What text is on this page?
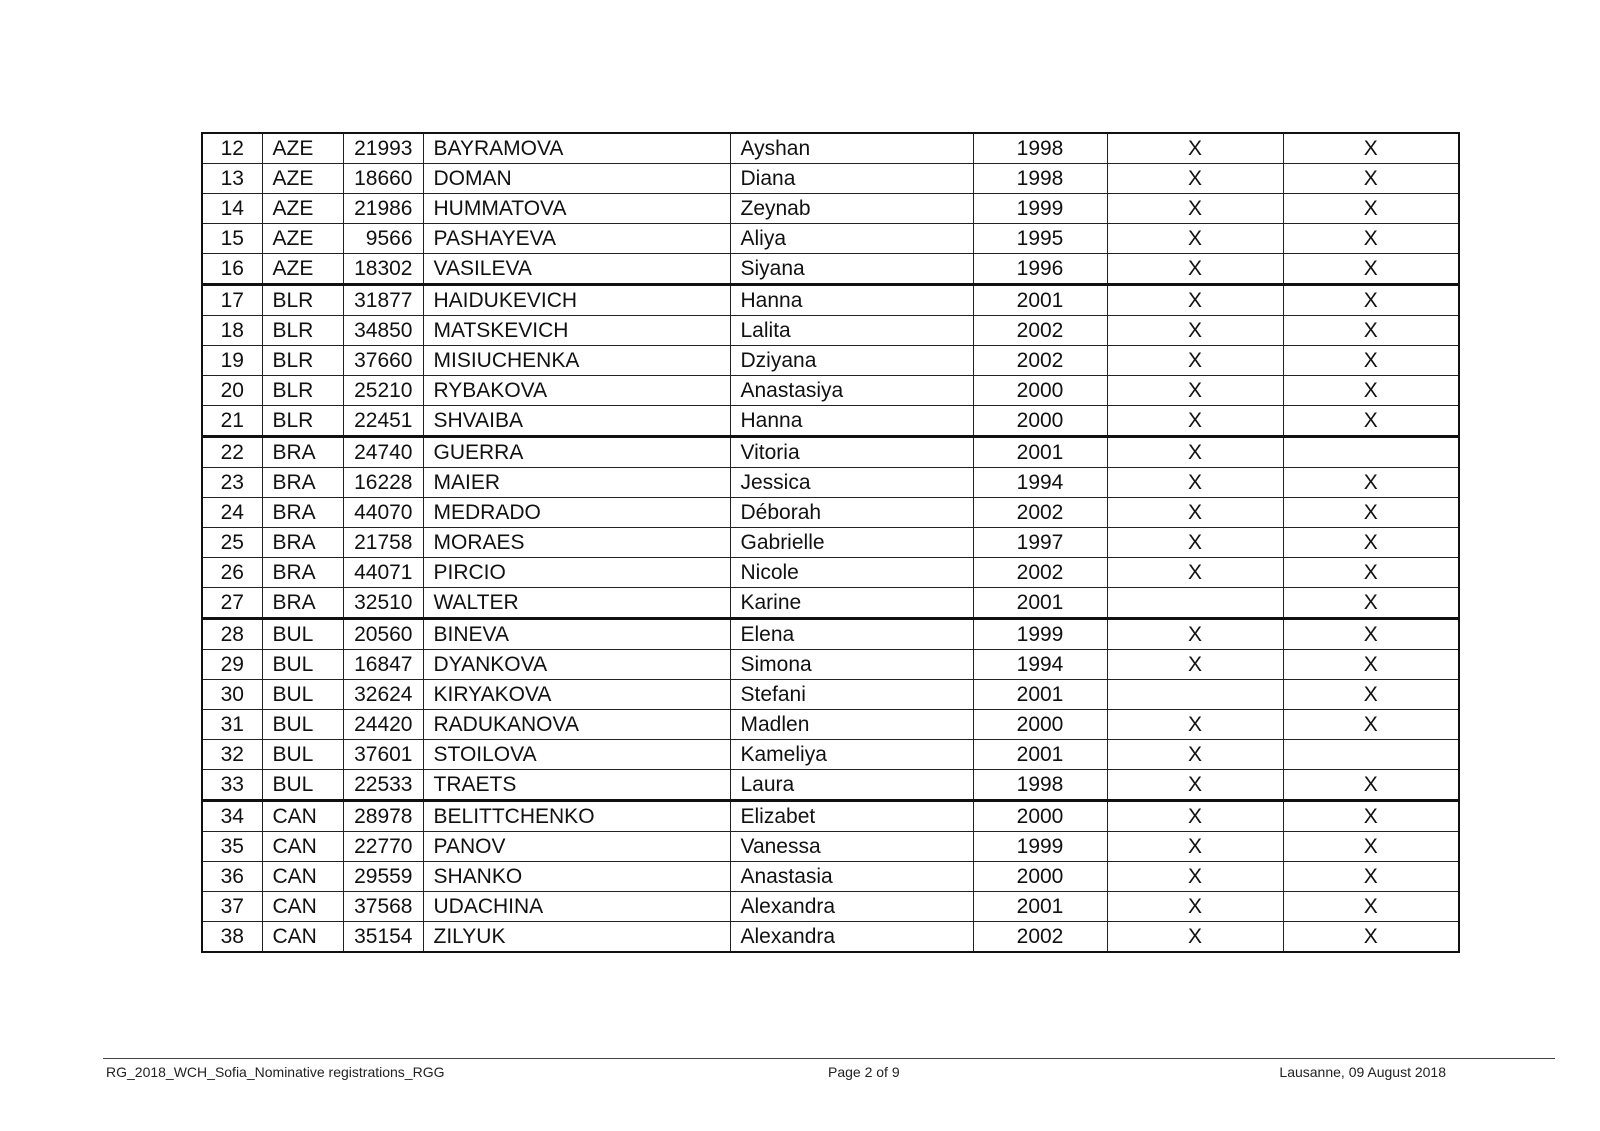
12	AZE	21993	BAYRAMOVA	Ayshan	1998	X	X
13	AZE	18660	DOMAN	Diana	1998	X	X
14	AZE	21986	HUMMATOVA	Zeynab	1999	X	X
15	AZE	9566	PASHAYEVA	Aliya	1995	X	X
16	AZE	18302	VASILEVA	Siyana	1996	X	X
17	BLR	31877	HAIDUKEVICH	Hanna	2001	X	X
18	BLR	34850	MATSKEVICH	Lalita	2002	X	X
19	BLR	37660	MISIUCHENKA	Dziyana	2002	X	X
20	BLR	25210	RYBAKOVA	Anastasiya	2000	X	X
21	BLR	22451	SHVAIBA	Hanna	2000	X	X
22	BRA	24740	GUERRA	Vitoria	2001	X	
23	BRA	16228	MAIER	Jessica	1994	X	X
24	BRA	44070	MEDRADO	Déborah	2002	X	X
25	BRA	21758	MORAES	Gabrielle	1997	X	X
26	BRA	44071	PIRCIO	Nicole	2002	X	X
27	BRA	32510	WALTER	Karine	2001		X
28	BUL	20560	BINEVA	Elena	1999	X	X
29	BUL	16847	DYANKOVA	Simona	1994	X	X
30	BUL	32624	KIRYAKOVA	Stefani	2001		X
31	BUL	24420	RADUKANOVA	Madlen	2000	X	X
32	BUL	37601	STOILOVA	Kameliya	2001	X	
33	BUL	22533	TRAETS	Laura	1998	X	X
34	CAN	28978	BELITTCHENKO	Elizabet	2000	X	X
35	CAN	22770	PANOV	Vanessa	1999	X	X
36	CAN	29559	SHANKO	Anastasia	2000	X	X
37	CAN	37568	UDACHINA	Alexandra	2001	X	X
38	CAN	35154	ZILYUK	Alexandra	2002	X	X
RG_2018_WCH_Sofia_Nominative registrations_RGG	Page 2 of 9	Lausanne, 09 August 2018
